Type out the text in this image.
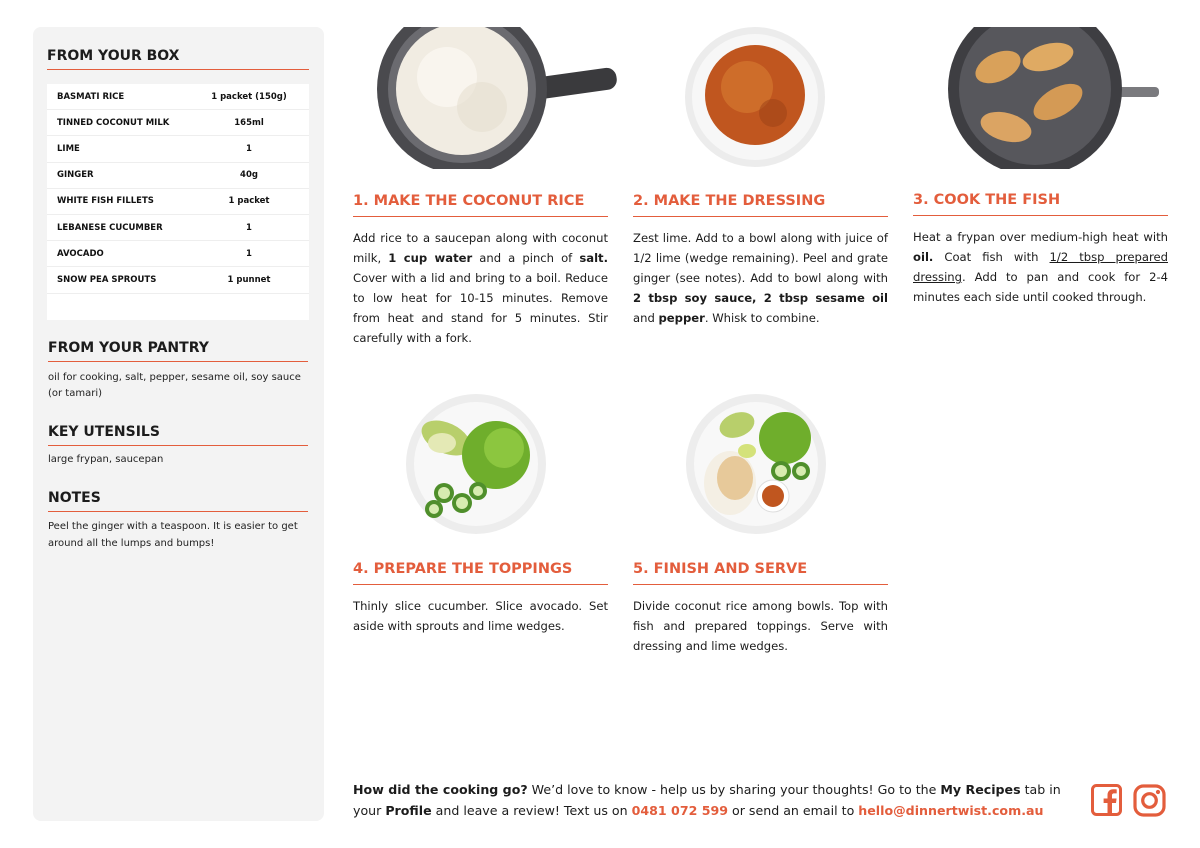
FROM YOUR BOX
BASMATI RICE	1 packet (150g)
TINNED COCONUT MILK	165ml
LIME	1
GINGER	40g
WHITE FISH FILLETS	1 packet
LEBANESE CUCUMBER	1
AVOCADO	1
SNOW PEA SPROUTS	1 punnet
FROM YOUR PANTRY
oil for cooking, salt, pepper, sesame oil, soy sauce (or tamari)
KEY UTENSILS
large frypan, saucepan
NOTES
Peel the ginger with a teaspoon. It is easier to get around all the lumps and bumps!
1. MAKE THE COCONUT RICE
Add rice to a saucepan along with coconut milk, 1 cup water and a pinch of salt. Cover with a lid and bring to a boil. Reduce to low heat for 10-15 minutes. Remove from heat and stand for 5 minutes. Stir carefully with a fork.
2. MAKE THE DRESSING
Zest lime. Add to a bowl along with juice of 1/2 lime (wedge remaining). Peel and grate ginger (see notes). Add to bowl along with 2 tbsp soy sauce, 2 tbsp sesame oil and pepper. Whisk to combine.
3. COOK THE FISH
Heat a frypan over medium-high heat with oil. Coat fish with 1/2 tbsp prepared dressing. Add to pan and cook for 2-4 minutes each side until cooked through.
4. PREPARE THE TOPPINGS
Thinly slice cucumber. Slice avocado. Set aside with sprouts and lime wedges.
5. FINISH AND SERVE
Divide coconut rice among bowls. Top with fish and prepared toppings. Serve with dressing and lime wedges.
How did the cooking go? We’d love to know - help us by sharing your thoughts! Go to the My Recipes tab in your Profile and leave a review! Text us on 0481 072 599 or send an email to hello@dinnertwist.com.au
